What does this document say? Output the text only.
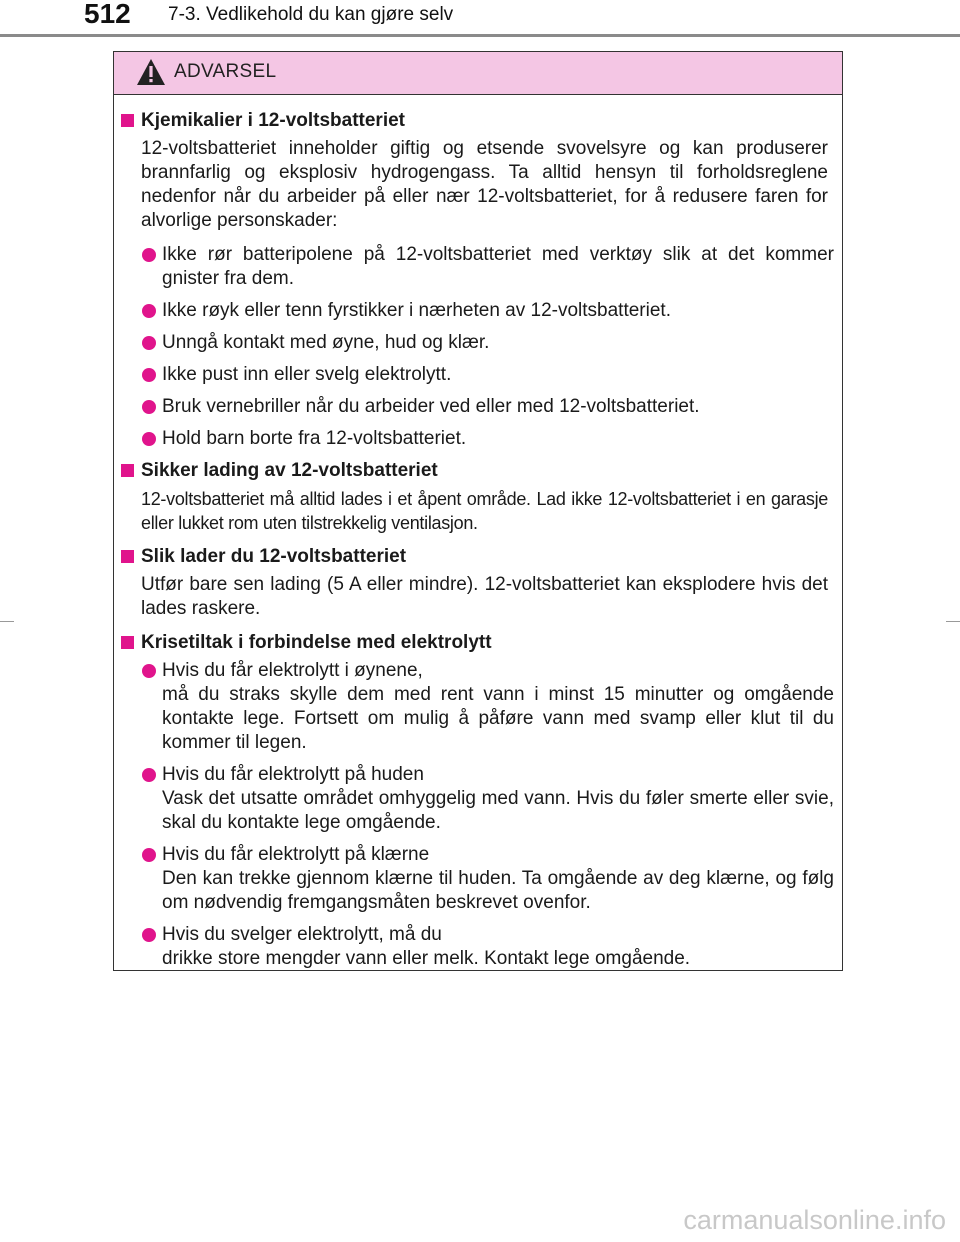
512 7-3. Vedlikehold du kan gjøre selv
ADVARSEL
Kjemikalier i 12-voltsbatteriet
12-voltsbatteriet inneholder giftig og etsende svovelsyre og kan produserer brannfarlig og eksplosiv hydrogengass. Ta alltid hensyn til forholdsreglene nedenfor når du arbeider på eller nær 12-voltsbatteriet, for å redusere faren for alvorlige personskader:
Ikke rør batteripolene på 12-voltsbatteriet med verktøy slik at det kommer gnister fra dem.
Ikke røyk eller tenn fyrstikker i nærheten av 12-voltsbatteriet.
Unngå kontakt med øyne, hud og klær.
Ikke pust inn eller svelg elektrolytt.
Bruk vernebriller når du arbeider ved eller med 12-voltsbatteriet.
Hold barn borte fra 12-voltsbatteriet.
Sikker lading av 12-voltsbatteriet
12-voltsbatteriet må alltid lades i et åpent område. Lad ikke 12-voltsbatteriet i en garasje eller lukket rom uten tilstrekkelig ventilasjon.
Slik lader du 12-voltsbatteriet
Utfør bare sen lading (5 A eller mindre). 12-voltsbatteriet kan eksplodere hvis det lades raskere.
Krisetiltak i forbindelse med elektrolytt
Hvis du får elektrolytt i øynene,
må du straks skylle dem med rent vann i minst 15 minutter og omgående kontakte lege. Fortsett om mulig å påføre vann med svamp eller klut til du kommer til legen.
Hvis du får elektrolytt på huden
Vask det utsatte området omhyggelig med vann. Hvis du føler smerte eller svie, skal du kontakte lege omgående.
Hvis du får elektrolytt på klærne
Den kan trekke gjennom klærne til huden. Ta omgående av deg klærne, og følg om nødvendig fremgangsmåten beskrevet ovenfor.
Hvis du svelger elektrolytt, må du
drikke store mengder vann eller melk. Kontakt lege omgående.
carmanualsonline.info
